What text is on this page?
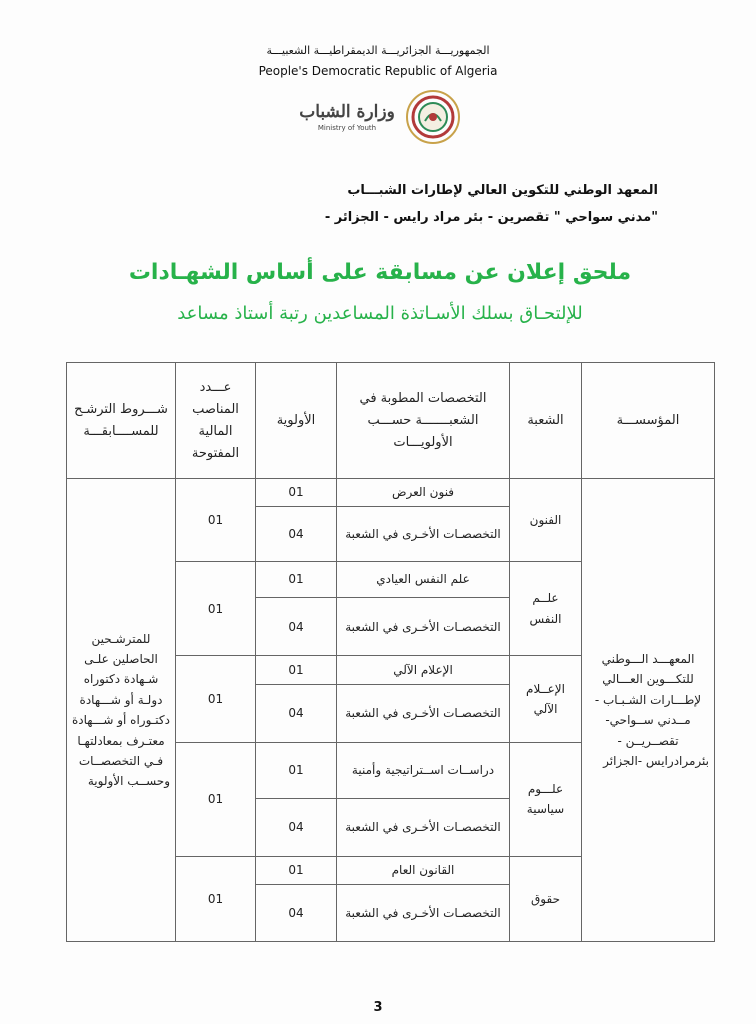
الجمهوريـــة الجزائريـــة الديمقراطيـــة الشعبيـــة
People's Democratic Republic of Algeria
وزارة الشباب
Ministry of Youth
المعهد الوطني للتكوين العالي لإطارات الشبـــاب
"مدني سواحي " تقصرين - بئر مراد رايس - الجزائر -
ملحق إعلان عن مسابقة على أساس الشهـادات
للإلتحـاق بسلك الأسـاتذة المساعدين رتبة أستاذ مساعد
المؤسســـة	الشعبة	التخصصات المطوبة في الشعبـــــــة حســـب الأولويـــات	الأولوية	عـــدد المناصب المالية المفتوحة	شـــروط الترشـح للمســــابقـــة
المعهـــد الـــوطني للتكـــوين العـــالي لإطـــارات الشـبـاب - مــدني ســواحي- تقصــريــن - بئرمرادرايس -الجزائر	الفنون	فنون العرض	01	01	للمترشـحين الحاصلين علـى شـهادة دكتوراه دولـة أو شـــهادة دكتـوراه أو شـــهادة معتـرف بمعادلتهـا فـي التخصصــات وحســب الأولوية
		التخصصـات الأخـرى في الشعبة	04		
	علــم النفس	علم النفس العيادي	01	01	
		التخصصـات الأخـرى في الشعبة	04		
	الإعــلام الآلي	الإعلام الآلي	01	01	
		التخصصـات الأخـرى في الشعبة	04		
	علـــوم سياسية	دراســات اســتراتيجية وأمنية	01	01	
		التخصصـات الأخـرى في الشعبة	04		
	حقوق	القانون العام	01	01	
		التخصصـات الأخـرى في الشعبة	04		
3
